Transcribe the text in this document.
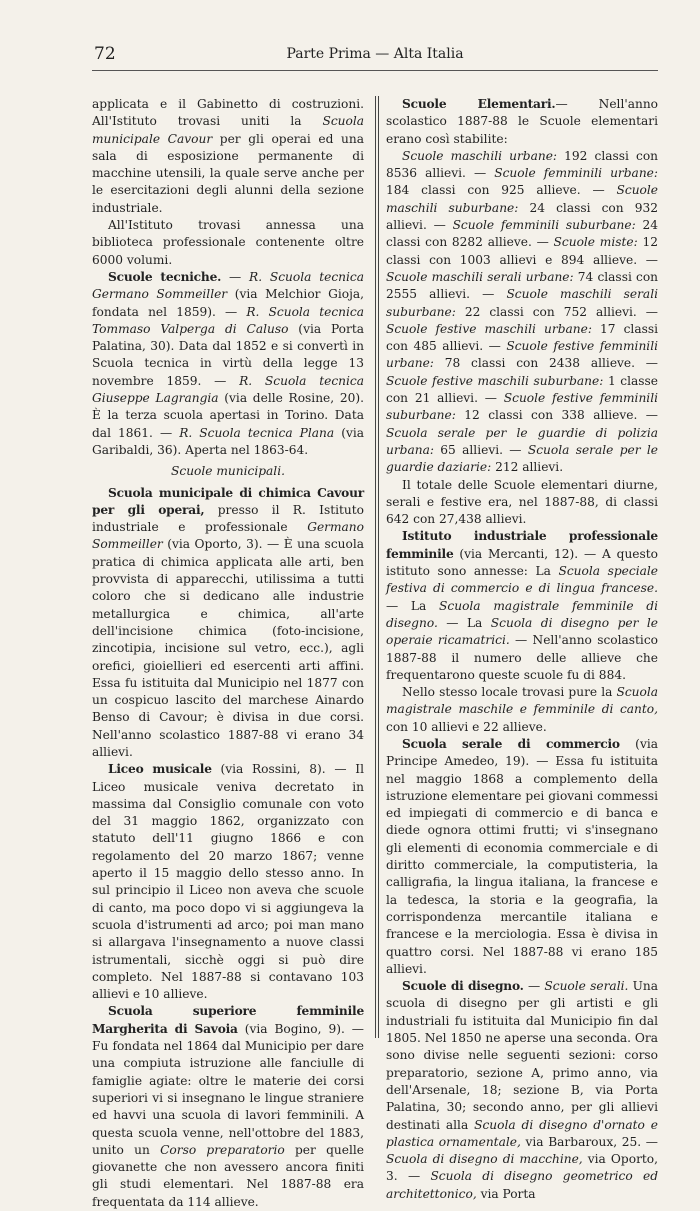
72	Parte Prima — Alta Italia

applicata e il Gabinetto di costruzioni. All'Istituto trovasi uniti la Scuola municipale Cavour per gli operai ed una sala di esposizione permanente di macchine utensili, la quale serve anche per le esercitazioni degli alunni della sezione industriale.

All'Istituto trovasi annessa una biblioteca professionale contenente oltre 6000 volumi.

Scuole tecniche. — R. Scuola tecnica Germano Sommeiller (via Melchior Gioja, fondata nel 1859). — R. Scuola tecnica Tommaso Valperga di Caluso (via Porta Palatina, 30). Data dal 1852 e si convertì in Scuola tecnica in virtù della legge 13 novembre 1859. — R. Scuola tecnica Giuseppe Lagrangia (via delle Rosine, 20). È la terza scuola apertasi in Torino. Data dal 1861. — R. Scuola tecnica Plana (via Garibaldi, 36). Aperta nel 1863-64.

Scuole municipali.

Scuola municipale di chimica Cavour per gli operai, presso il R. Istituto industriale e professionale Germano Sommeiller (via Oporto, 3). — È una scuola pratica di chimica applicata alle arti, ben provvista di apparecchi, utilissima a tutti coloro che si dedicano alle industrie metallurgica e chimica, all'arte dell'incisione chimica (foto-incisione, zincotipia, incisione sul vetro, ecc.), agli orefici, gioiellieri ed esercenti arti affini. Essa fu istituita dal Municipio nel 1877 con un cospicuo lascito del marchese Ainardo Benso di Cavour; è divisa in due corsi. Nell'anno scolastico 1887-88 vi erano 34 allievi.

Liceo musicale (via Rossini, 8). — Il Liceo musicale veniva decretato in massima dal Consiglio comunale con voto del 31 maggio 1862, organizzato con statuto dell'11 giugno 1866 e con regolamento del 20 marzo 1867; venne aperto il 15 maggio dello stesso anno. In sul principio il Liceo non aveva che scuole di canto, ma poco dopo vi si aggiungeva la scuola d'istrumenti ad arco; poi man mano si allargava l'insegnamento a nuove classi istrumentali, sicchè oggi si può dire completo. Nel 1887-88 si contavano 103 allievi e 10 allieve.

Scuola superiore femminile Margherita di Savoia (via Bogino, 9). — Fu fondata nel 1864 dal Municipio per dare una compiuta istruzione alle fanciulle di famiglie agiate: oltre le materie dei corsi superiori vi si insegnano le lingue straniere ed havvi una scuola di lavori femminili. A questa scuola venne, nell'ottobre del 1883, unito un Corso preparatorio per quelle giovanette che non avessero ancora finiti gli studi elementari. Nel 1887-88 era frequentata da 114 allieve.

Scuole Elementari.— Nell'anno scolastico 1887-88 le Scuole elementari erano così stabilite:

Scuole maschili urbane: 192 classi con 8536 allievi. — Scuole femminili urbane: 184 classi con 925 allieve. — Scuole maschili suburbane: 24 classi con 932 allievi. — Scuole femminili suburbane: 24 classi con 8282 allieve. — Scuole miste: 12 classi con 1003 allievi e 894 allieve. — Scuole maschili serali urbane: 74 classi con 2555 allievi. — Scuole maschili serali suburbane: 22 classi con 752 allievi. — Scuole festive maschili urbane: 17 classi con 485 allievi. — Scuole festive femminili urbane: 78 classi con 2438 allieve. — Scuole festive maschili suburbane: 1 classe con 21 allievi. — Scuole festive femminili suburbane: 12 classi con 338 allieve. — Scuola serale per le guardie di polizia urbana: 65 allievi. — Scuola serale per le guardie daziarie: 212 allievi.

Il totale delle Scuole elementari diurne, serali e festive era, nel 1887-88, di classi 642 con 27,438 allievi.

Istituto industriale professionale femminile (via Mercanti, 12). — A questo istituto sono annesse: La Scuola speciale festiva di commercio e di lingua francese. — La Scuola magistrale femminile di disegno. — La Scuola di disegno per le operaie ricamatrici. — Nell'anno scolastico 1887-88 il numero delle allieve che frequentarono queste scuole fu di 884.

Nello stesso locale trovasi pure la Scuola magistrale maschile e femminile di canto, con 10 allievi e 22 allieve.

Scuola serale di commercio (via Principe Amedeo, 19). — Essa fu istituita nel maggio 1868 a complemento della istruzione elementare pei giovani commessi ed impiegati di commercio e di banca e diede ognora ottimi frutti; vi s'insegnano gli elementi di economia commerciale e di diritto commerciale, la computisteria, la calligrafia, la lingua italiana, la francese e la tedesca, la storia e la geografia, la corrispondenza mercantile italiana e francese e la merciologia. Essa è divisa in quattro corsi. Nel 1887-88 vi erano 185 allievi.

Scuole di disegno. — Scuole serali. Una scuola di disegno per gli artisti e gli industriali fu istituita dal Municipio fin dal 1805. Nel 1850 ne aperse una seconda. Ora sono divise nelle seguenti sezioni: corso preparatorio, sezione A, primo anno, via dell'Arsenale, 18; sezione B, via Porta Palatina, 30; secondo anno, per gli allievi destinati alla Scuola di disegno d'ornato e plastica ornamentale, via Barbaroux, 25. — Scuola di disegno di macchine, via Oporto, 3. — Scuola di disegno geometrico ed architettonico, via Porta
